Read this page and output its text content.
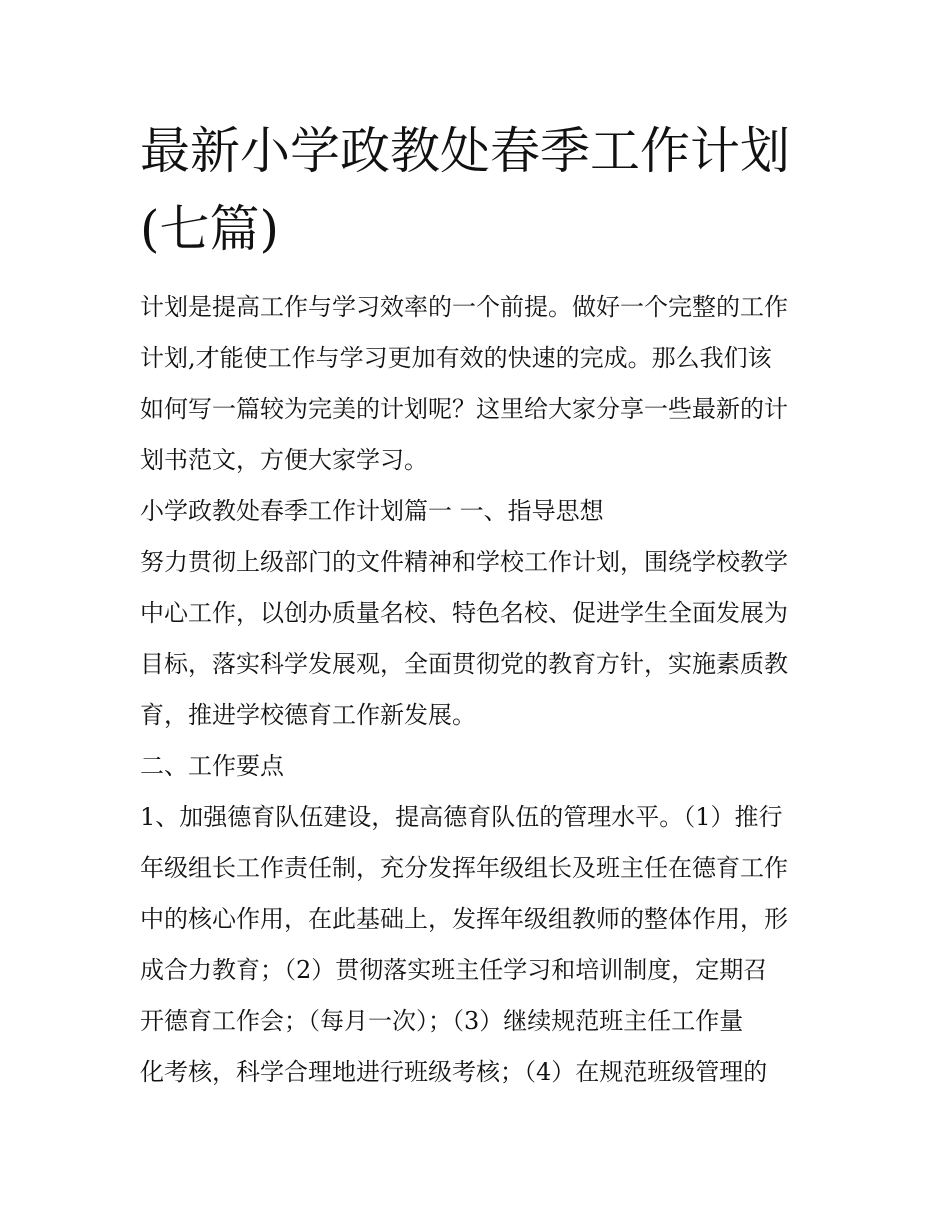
最新小学政教处春季工作计划
(七篇)

计划是提高工作与学习效率的一个前提。做好一个完整的工作
计划,才能使工作与学习更加有效的快速的完成。那么我们该
如何写一篇较为完美的计划呢？这里给大家分享一些最新的计
划书范文，方便大家学习。

小学政教处春季工作计划篇一 一、指导思想

努力贯彻上级部门的文件精神和学校工作计划，围绕学校教学
中心工作，以创办质量名校、特色名校、促进学生全面发展为
目标，落实科学发展观，全面贯彻党的教育方针，实施素质教
育，推进学校德育工作新发展。

二、工作要点

1、加强德育队伍建设，提高德育队伍的管理水平。（1）推行
年级组长工作责任制，充分发挥年级组长及班主任在德育工作
中的核心作用，在此基础上，发挥年级组教师的整体作用，形
成合力教育；（2）贯彻落实班主任学习和培训制度，定期召
开德育工作会；（每月一次）；（3）继续规范班主任工作量
化考核，科学合理地进行班级考核；（4）在规范班级管理的
